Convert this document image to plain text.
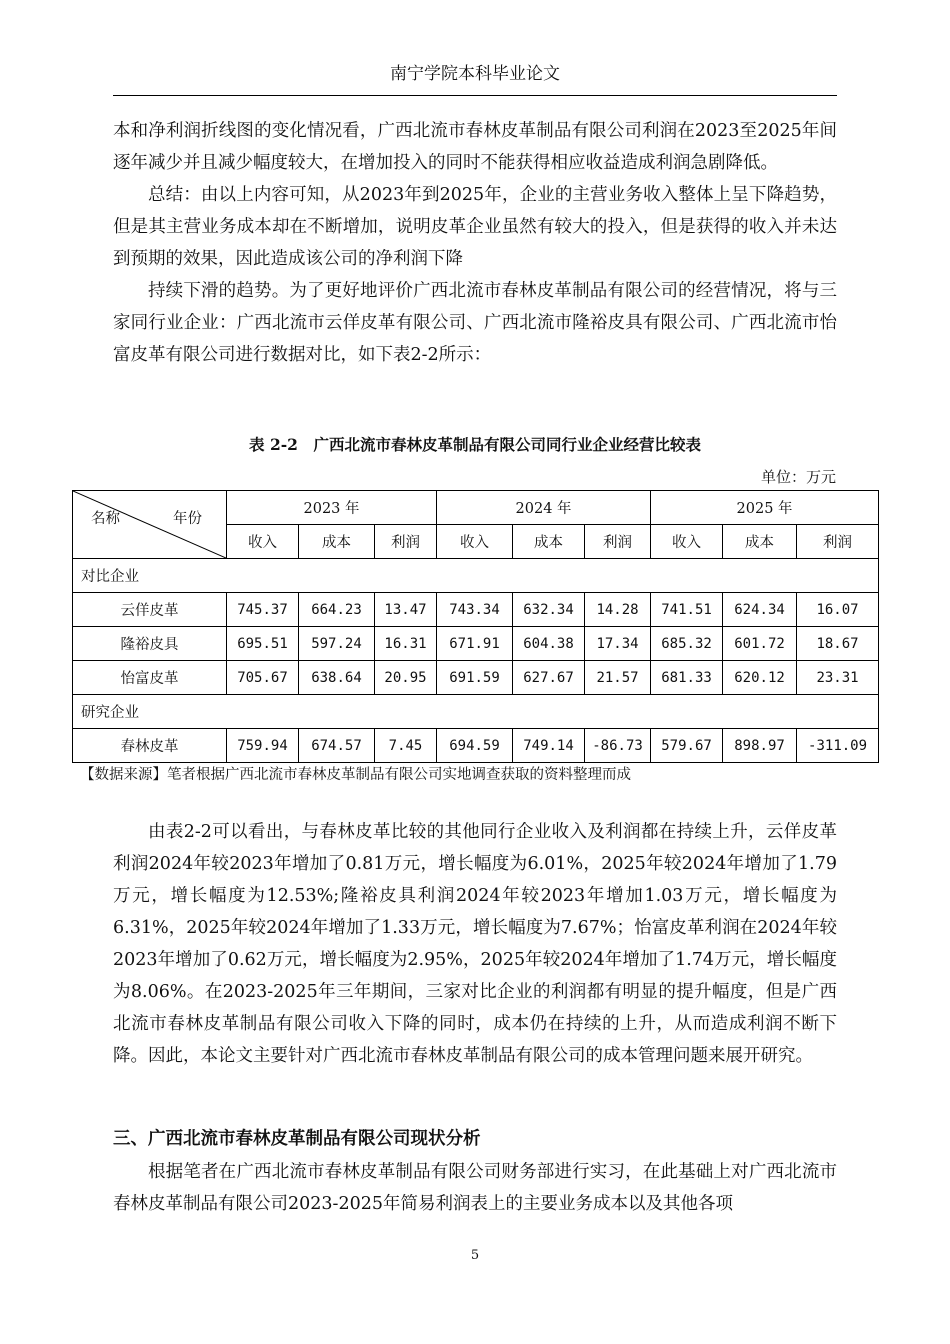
南宁学院本科毕业论文

本和净利润折线图的变化情况看，广西北流市春林皮革制品有限公司利润在2023至2025年间逐年减少并且减少幅度较大，在增加投入的同时不能获得相应收益造成利润急剧降低。

总结：由以上内容可知，从2023年到2025年，企业的主营业务收入整体上呈下降趋势，但是其主营业务成本却在不断增加，说明皮革企业虽然有较大的投入，但是获得的收入并未达到预期的效果，因此造成该公司的净利润下降

持续下滑的趋势。为了更好地评价广西北流市春林皮革制品有限公司的经营情况，将与三家同行业企业：广西北流市云佯皮革有限公司、广西北流市隆裕皮具有限公司、广西北流市怡富皮革有限公司进行数据对比，如下表2-2所示：

表 2-2　广西北流市春林皮革制品有限公司同行业企业经营比较表
单位：万元
名称 年份	2023 年			2024 年			2025 年		
	收入	成本	利润	收入	成本	利润	收入	成本	利润
对比企业									
云佯皮革	745.37	664.23	13.47	743.34	632.34	14.28	741.51	624.34	16.07
隆裕皮具	695.51	597.24	16.31	671.91	604.38	17.34	685.32	601.72	18.67
怡富皮革	705.67	638.64	20.95	691.59	627.67	21.57	681.33	620.12	23.31
研究企业									
春林皮革	759.94	674.57	7.45	694.59	749.14	-86.73	579.67	898.97	-311.09
【数据来源】笔者根据广西北流市春林皮革制品有限公司实地调查获取的资料整理而成

由表2-2可以看出，与春林皮革比较的其他同行企业收入及利润都在持续上升，云佯皮革利润2024年较2023年增加了0.81万元，增长幅度为6.01%，2025年较2024年增加了1.79万元，增长幅度为12.53%;隆裕皮具利润2024年较2023年增加1.03万元，增长幅度为6.31%，2025年较2024年增加了1.33万元，增长幅度为7.67%；怡富皮革利润在2024年较2023年增加了0.62万元，增长幅度为2.95%，2025年较2024年增加了1.74万元，增长幅度为8.06%。在2023-2025年三年期间，三家对比企业的利润都有明显的提升幅度，但是广西北流市春林皮革制品有限公司收入下降的同时，成本仍在持续的上升，从而造成利润不断下降。因此，本论文主要针对广西北流市春林皮革制品有限公司的成本管理问题来展开研究。

三、广西北流市春林皮革制品有限公司现状分析

根据笔者在广西北流市春林皮革制品有限公司财务部进行实习，在此基础上对广西北流市春林皮革制品有限公司2023-2025年简易利润表上的主要业务成本以及其他各项

5
